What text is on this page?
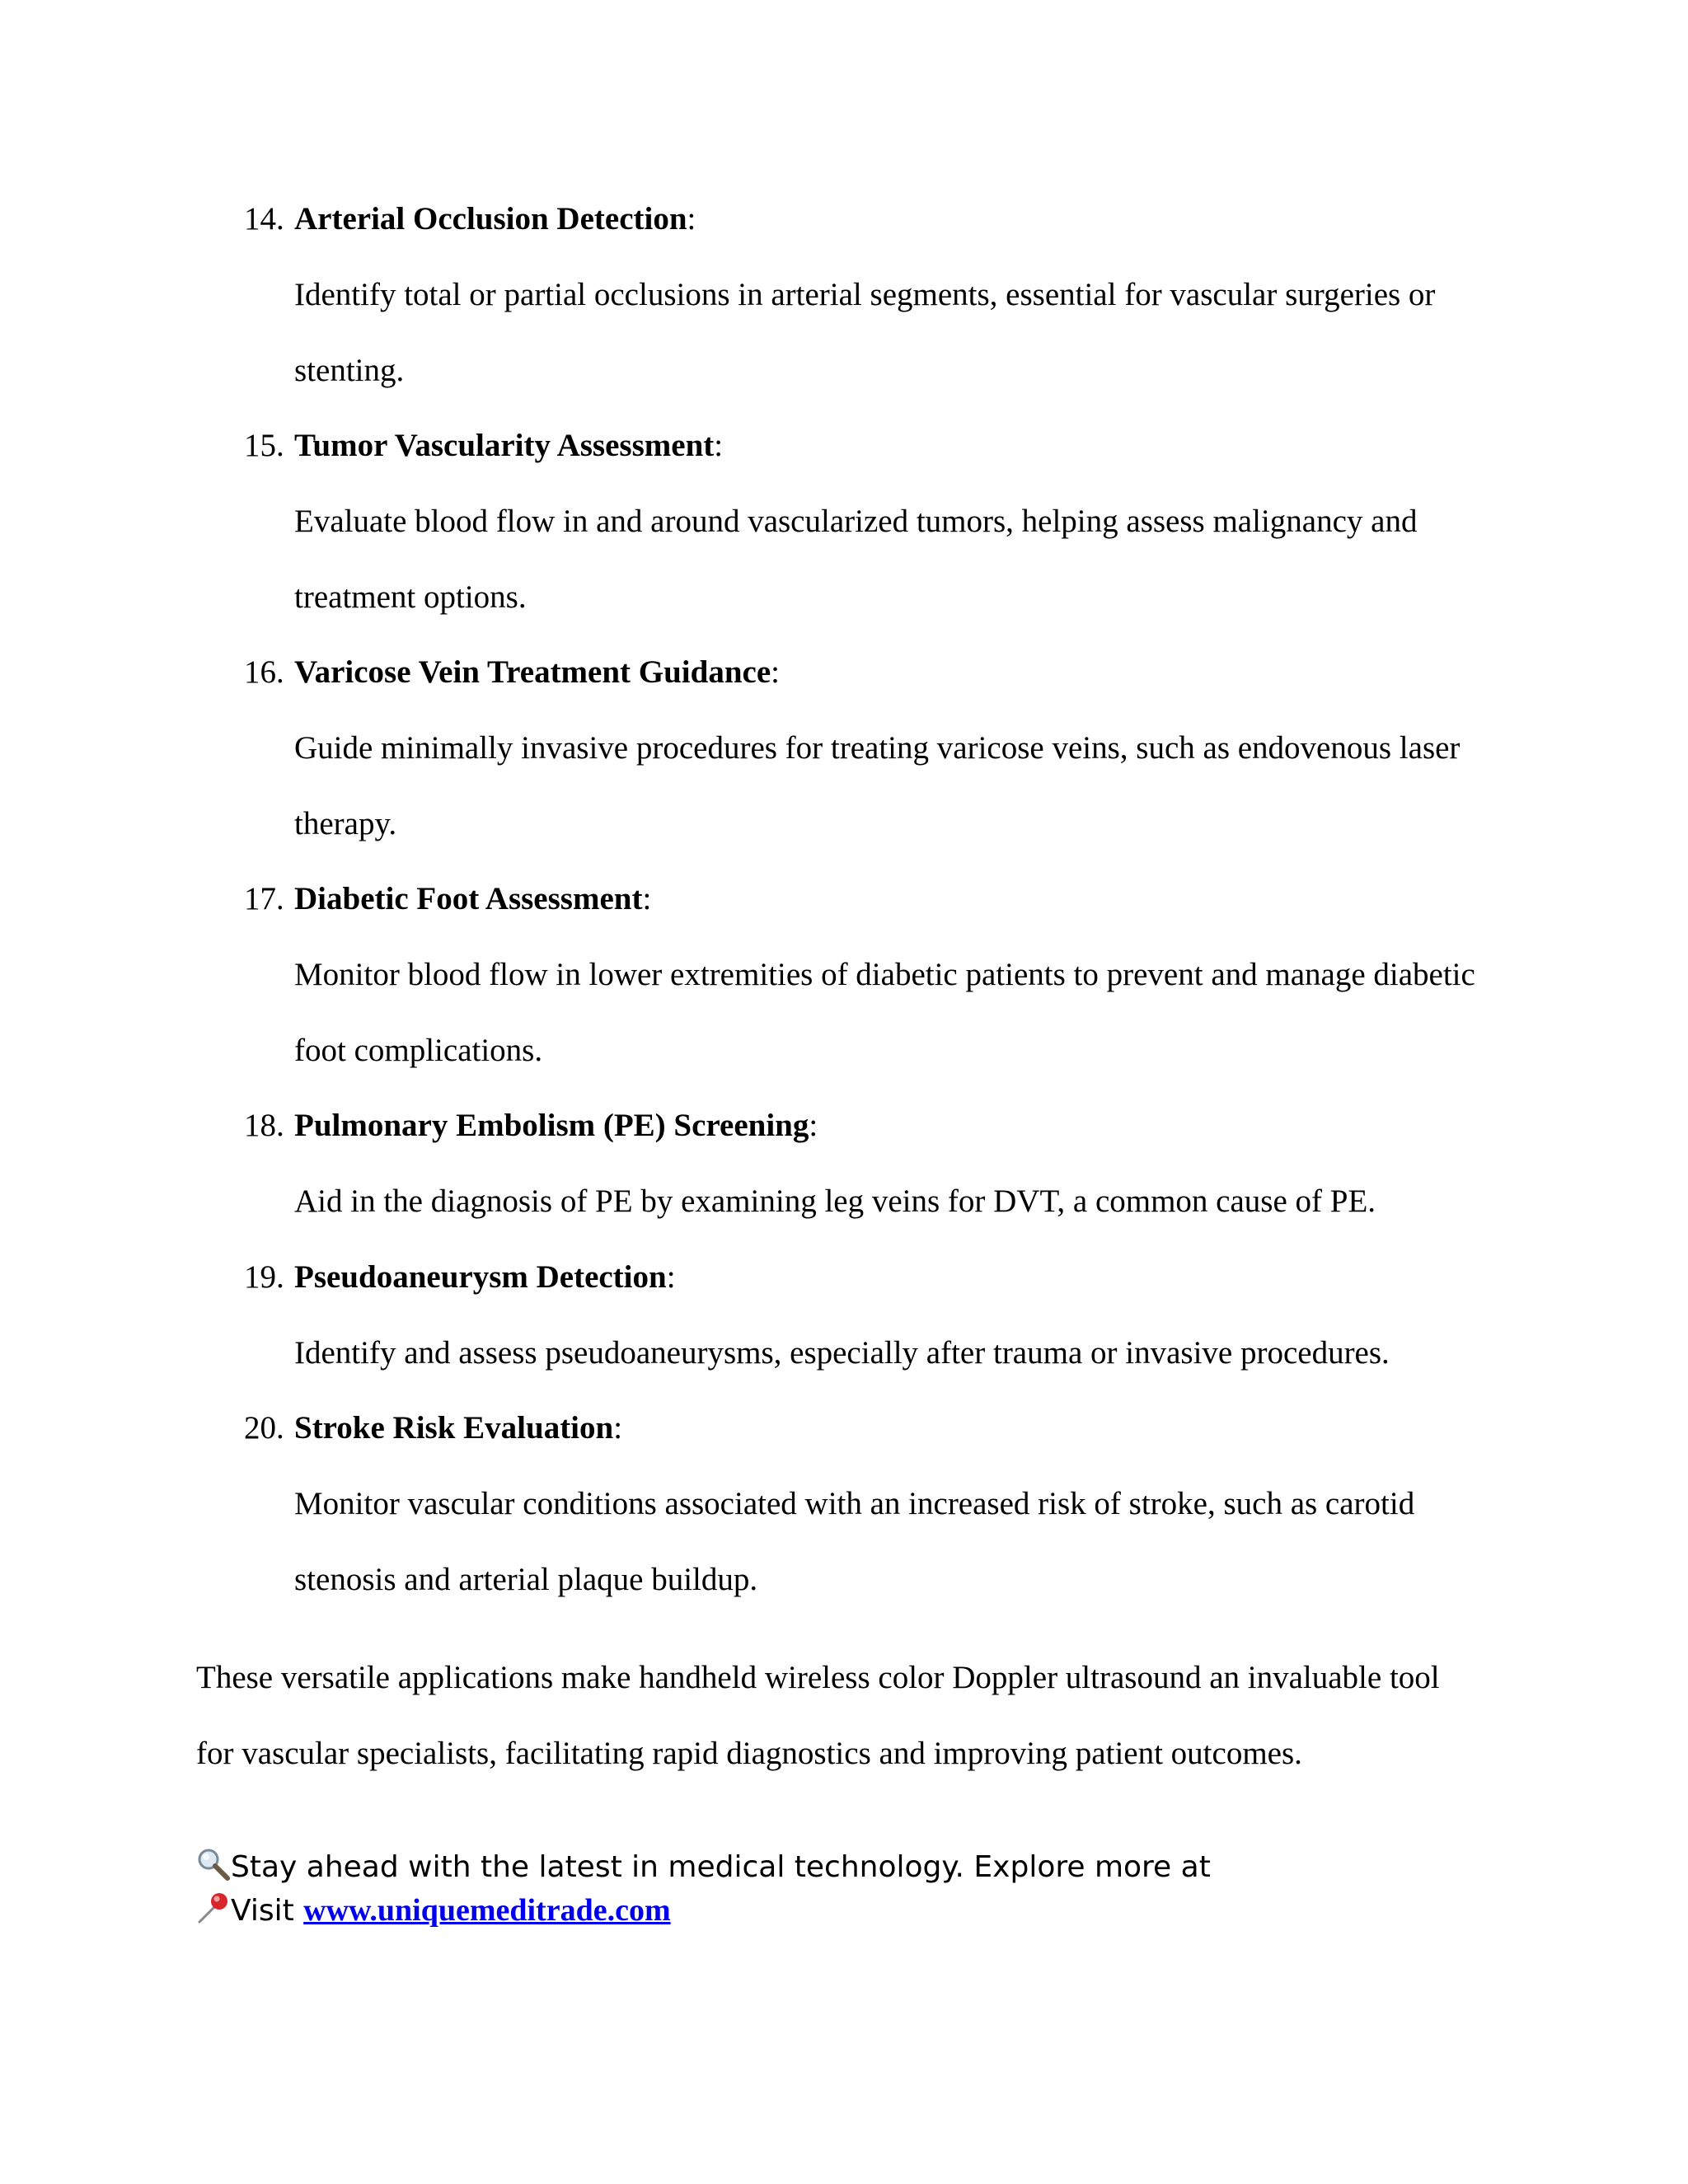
14. Arterial Occlusion Detection:

Identify total or partial occlusions in arterial segments, essential for vascular surgeries or stenting.

15. Tumor Vascularity Assessment:

Evaluate blood flow in and around vascularized tumors, helping assess malignancy and treatment options.

16. Varicose Vein Treatment Guidance:

Guide minimally invasive procedures for treating varicose veins, such as endovenous laser therapy.

17. Diabetic Foot Assessment:

Monitor blood flow in lower extremities of diabetic patients to prevent and manage diabetic foot complications.

18. Pulmonary Embolism (PE) Screening:

Aid in the diagnosis of PE by examining leg veins for DVT, a common cause of PE.

19. Pseudoaneurysm Detection:

Identify and assess pseudoaneurysms, especially after trauma or invasive procedures.

20. Stroke Risk Evaluation:

Monitor vascular conditions associated with an increased risk of stroke, such as carotid stenosis and arterial plaque buildup.

These versatile applications make handheld wireless color Doppler ultrasound an invaluable tool for vascular specialists, facilitating rapid diagnostics and improving patient outcomes.

Stay ahead with the latest in medical technology. Explore more at
Visit www.uniquemeditrade.com
